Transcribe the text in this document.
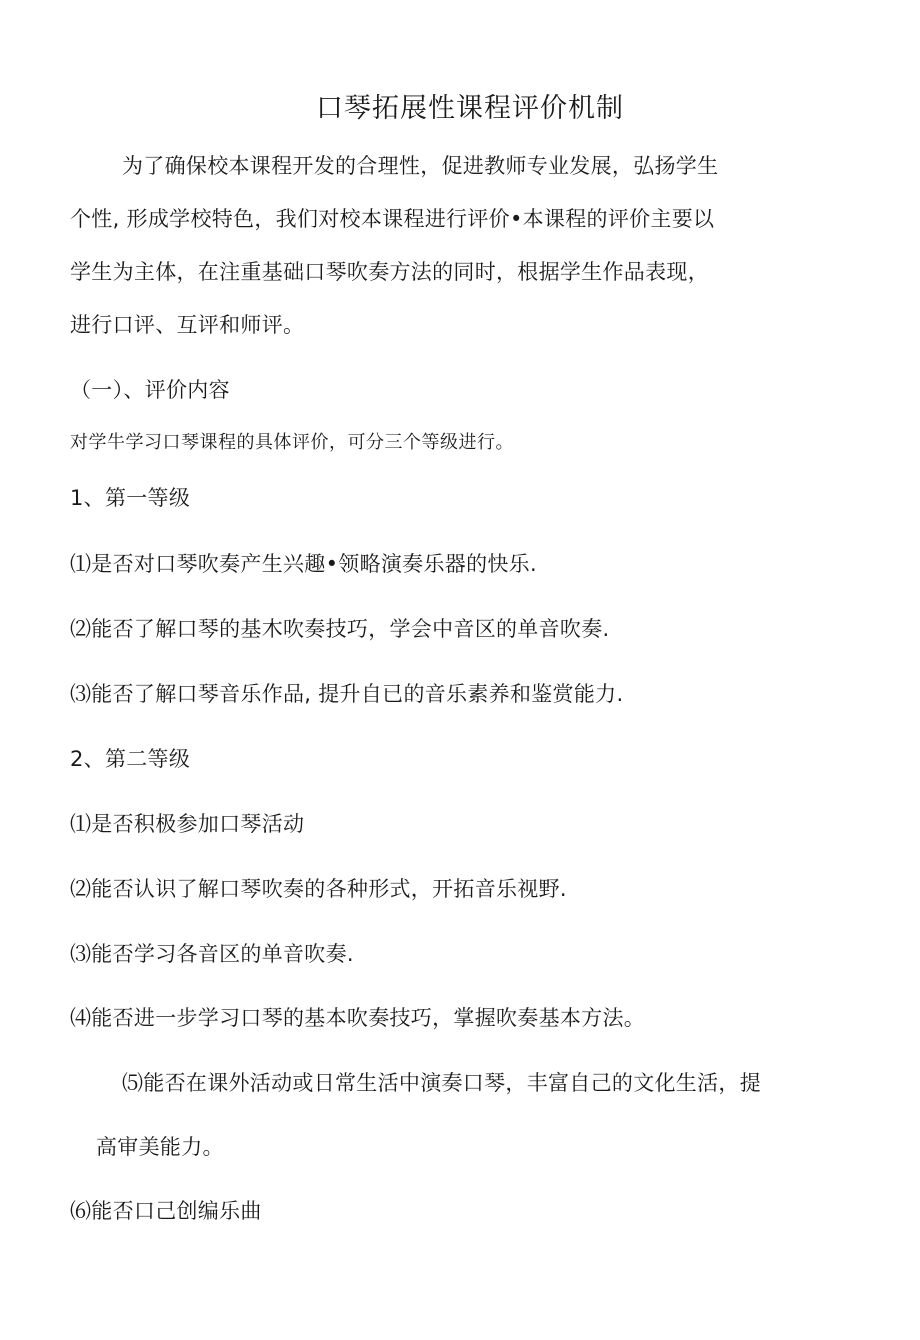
口琴拓展性课程评价机制
为了确保校本课程开发的合理性，促进教师专业发展，弘扬学生
个性, 形成学校特色，我们对校本课程进行评价•本课程的评价主要以
学生为主体，在注重基础口琴吹奏方法的同时，根据学生作品表现，
进行口评、互评和师评。
（一）、评价内容
对学牛学习口琴课程的具体评价，可分三个等级进行。
1、第一等级
⑴是否对口琴吹奏产生兴趣•领略演奏乐器的快乐.
⑵能否了解口琴的基木吹奏技巧，学会中音区的单音吹奏.
⑶能否了解口琴音乐作品, 提升自已的音乐素养和鉴赏能力.
2、第二等级
⑴是否积极参加口琴活动
⑵能否认识了解口琴吹奏的各种形式，开拓音乐视野.
⑶能否学习各音区的单音吹奏.
⑷能否进一步学习口琴的基本吹奏技巧，掌握吹奏基本方法。
⑸能否在课外活动或日常生活中演奏口琴，丰富自己的文化生活，提
高审美能力。
⑹能否口己创编乐曲
